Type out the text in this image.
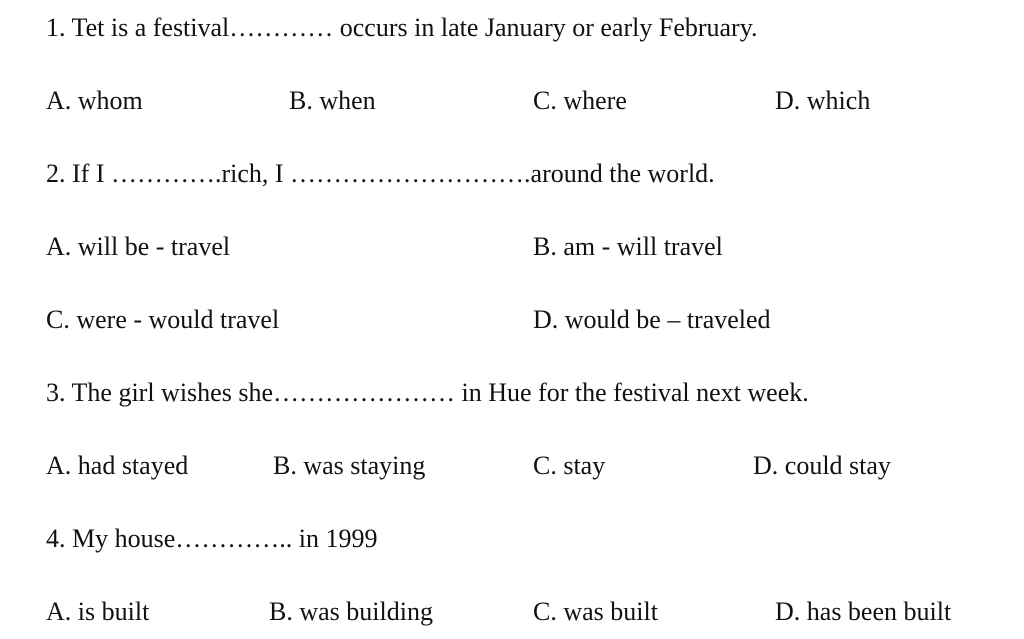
1. Tet is a festival………… occurs in late January or early February.
A. whom	B. when	C. where	D. which
2. If I ………….rich, I ……………………….around the world.
A. will be - travel	B. am - will travel
C. were - would travel	D. would be – traveled
3. The girl wishes she………………… in Hue for the festival next week.
A. had stayed	B. was staying	C. stay	D. could stay
4. My house………….. in 1999
A. is built	B. was building	C. was built	D. has been built
